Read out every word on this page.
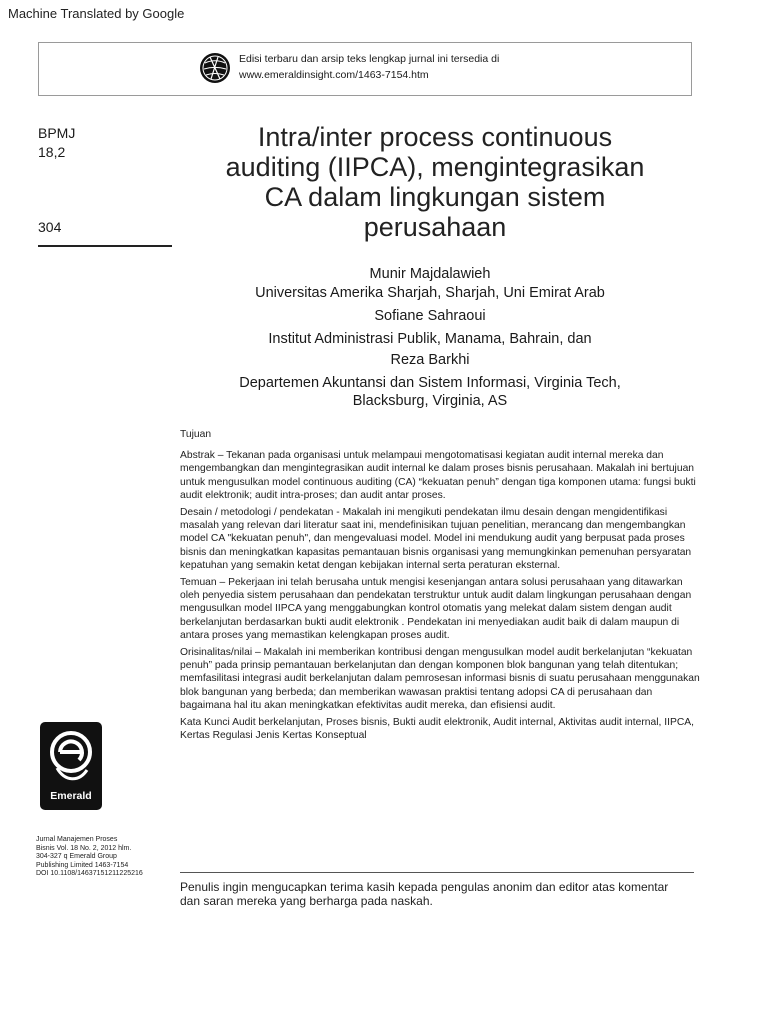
Machine Translated by Google
Edisi terbaru dan arsip teks lengkap jurnal ini tersedia di
www.emeraldinsight.com/1463-7154.htm
BPMJ
18,2
304
Intra/inter process continuous
auditing (IIPCA), mengintegrasikan
CA dalam lingkungan sistem
perusahaan
Munir Majdalawieh
Universitas Amerika Sharjah, Sharjah, Uni Emirat Arab
Sofiane Sahraoui
Institut Administrasi Publik, Manama, Bahrain, dan
Reza Barkhi
Departemen Akuntansi dan Sistem Informasi, Virginia Tech,
Blacksburg, Virginia, AS

Tujuan

Abstrak – Tekanan pada organisasi untuk melampaui mengotomatisasi kegiatan audit internal mereka dan mengembangkan dan mengintegrasikan audit internal ke dalam proses bisnis perusahaan. Makalah ini bertujuan untuk mengusulkan model continuous auditing (CA) “kekuatan penuh” dengan tiga komponen utama: fungsi bukti audit elektronik; audit intra-proses; dan audit antar proses.

Desain / metodologi / pendekatan - Makalah ini mengikuti pendekatan ilmu desain dengan mengidentifikasi masalah yang relevan dari literatur saat ini, mendefinisikan tujuan penelitian, merancang dan mengembangkan model CA "kekuatan penuh", dan mengevaluasi model. Model ini mendukung audit yang berpusat pada proses bisnis dan meningkatkan kapasitas pemantauan bisnis organisasi yang memungkinkan pemenuhan persyaratan kepatuhan yang semakin ketat dengan kebijakan internal serta peraturan eksternal.

Temuan – Pekerjaan ini telah berusaha untuk mengisi kesenjangan antara solusi perusahaan yang ditawarkan oleh penyedia sistem perusahaan dan pendekatan terstruktur untuk audit dalam lingkungan perusahaan dengan mengusulkan model IIPCA yang menggabungkan kontrol otomatis yang melekat dalam sistem dengan audit berkelanjutan berdasarkan bukti audit elektronik . Pendekatan ini menyediakan audit baik di dalam maupun di antara proses yang memastikan kelengkapan proses audit.

Orisinalitas/nilai – Makalah ini memberikan kontribusi dengan mengusulkan model audit berkelanjutan “kekuatan penuh” pada prinsip pemantauan berkelanjutan dan dengan komponen blok bangunan yang telah ditentukan; memfasilitasi integrasi audit berkelanjutan dalam pemrosesan informasi bisnis di suatu perusahaan menggunakan blok bangunan yang berbeda; dan memberikan wawasan praktisi tentang adopsi CA di perusahaan dan bagaimana hal itu akan meningkatkan efektivitas audit mereka, dan efisiensi audit.

Kata Kunci Audit berkelanjutan, Proses bisnis, Bukti audit elektronik, Audit internal, Aktivitas audit internal, IIPCA, Kertas Regulasi Jenis Kertas Konseptual

Emerald
Jurnal Manajemen Proses
Bisnis Vol. 18 No. 2, 2012 hlm.
304-327 q Emerald Group
Publishing Limited 1463-7154
DOI 10.1108/14637151211225216
Penulis ingin mengucapkan terima kasih kepada pengulas anonim dan editor atas komentar dan saran mereka yang berharga pada naskah.
